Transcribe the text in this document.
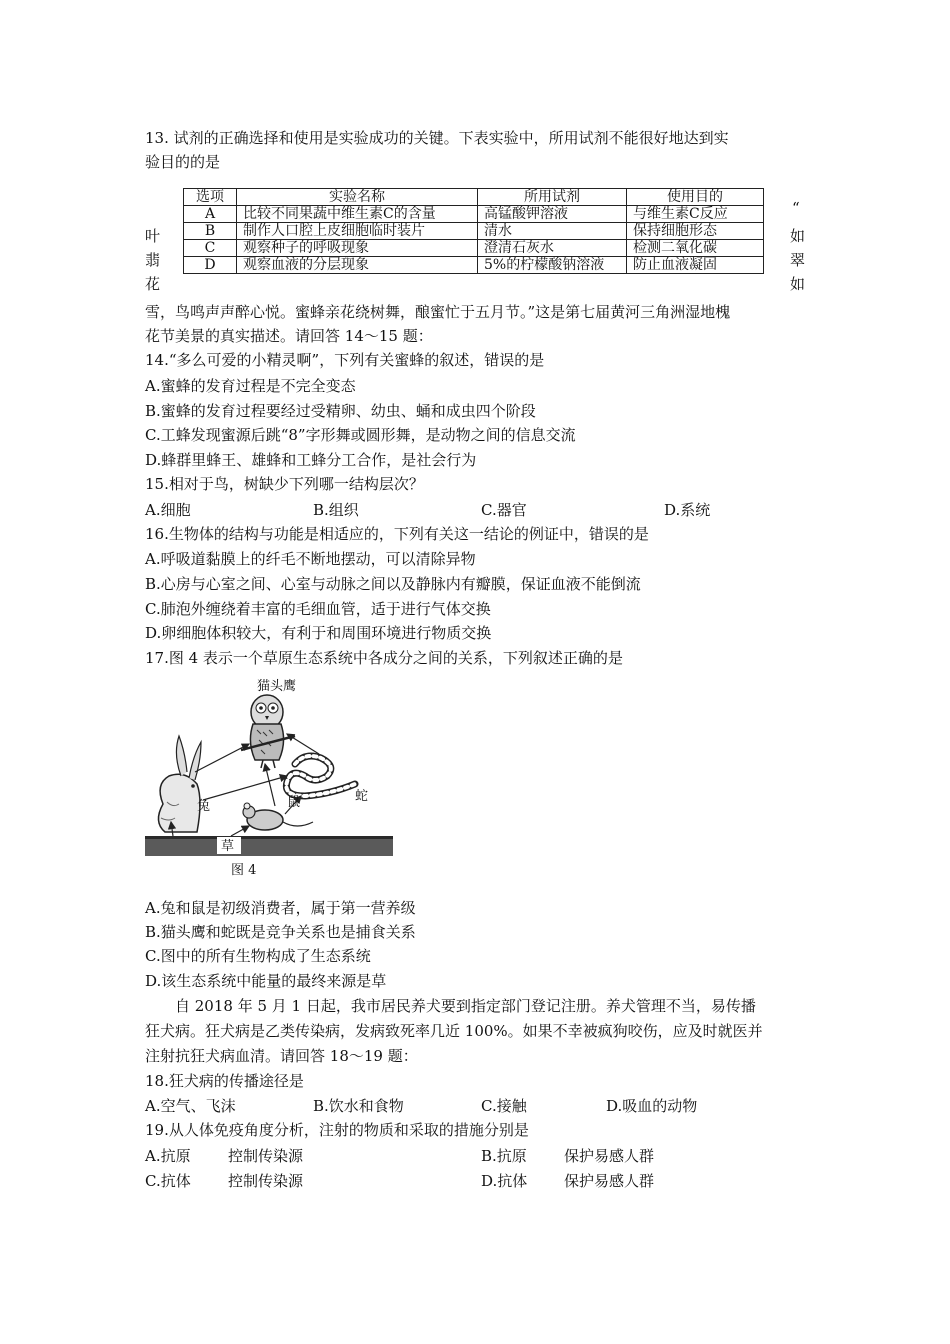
13. 试剂的正确选择和使用是实验成功的关键。下表实验中，所用试剂不能很好地达到实
验目的的是
选项	实验名称	所用试剂	使用目的
A	比较不同果蔬中维生素C的含量	高锰酸钾溶液	与维生素C反应
B	制作人口腔上皮细胞临时装片	清水	保持细胞形态
C	观察种子的呼吸现象	澄清石灰水	检测二氧化碳
D	观察血液的分层现象	5%的柠檬酸钠溶液	防止血液凝固
叶
翡
花
“
如
翠
如
雪，鸟鸣声声醉心悦。蜜蜂亲花绕树舞，酿蜜忙于五月节。”这是第七届黄河三角洲湿地槐
花节美景的真实描述。请回答 14～15 题：
14.“多么可爱的小精灵啊”，下列有关蜜蜂的叙述，错误的是
A.蜜蜂的发育过程是不完全变态
B.蜜蜂的发育过程要经过受精卵、幼虫、蛹和成虫四个阶段
C.工蜂发现蜜源后跳“8”字形舞或圆形舞，是动物之间的信息交流
D.蜂群里蜂王、雄蜂和工蜂分工合作，是社会行为
15.相对于鸟，树缺少下列哪一结构层次？
A.细胞	B.组织	C.器官	D.系统
16.生物体的结构与功能是相适应的，下列有关这一结论的例证中，错误的是
A.呼吸道黏膜上的纤毛不断地摆动，可以清除异物
B.心房与心室之间、心室与动脉之间以及静脉内有瓣膜，保证血液不能倒流
C.肺泡外缠绕着丰富的毛细血管，适于进行气体交换
D.卵细胞体积较大，有利于和周围环境进行物质交换
17.图 4 表示一个草原生态系统中各成分之间的关系，下列叙述正确的是
猫头鹰
蛇
兔	鼠
草
图 4
A.兔和鼠是初级消费者，属于第一营养级
B.猫头鹰和蛇既是竞争关系也是捕食关系
C.图中的所有生物构成了生态系统
D.该生态系统中能量的最终来源是草
自 2018 年 5 月 1 日起，我市居民养犬要到指定部门登记注册。养犬管理不当，易传播
狂犬病。狂犬病是乙类传染病，发病致死率几近 100%。如果不幸被疯狗咬伤，应及时就医并
注射抗狂犬病血清。请回答 18～19 题：
18.狂犬病的传播途径是
A.空气、飞沫	B.饮水和食物	C.接触	D.吸血的动物
19.从人体免疫角度分析，注射的物质和采取的措施分别是
A.抗原 控制传染源	B.抗原 保护易感人群
C.抗体 控制传染源	D.抗体 保护易感人群
